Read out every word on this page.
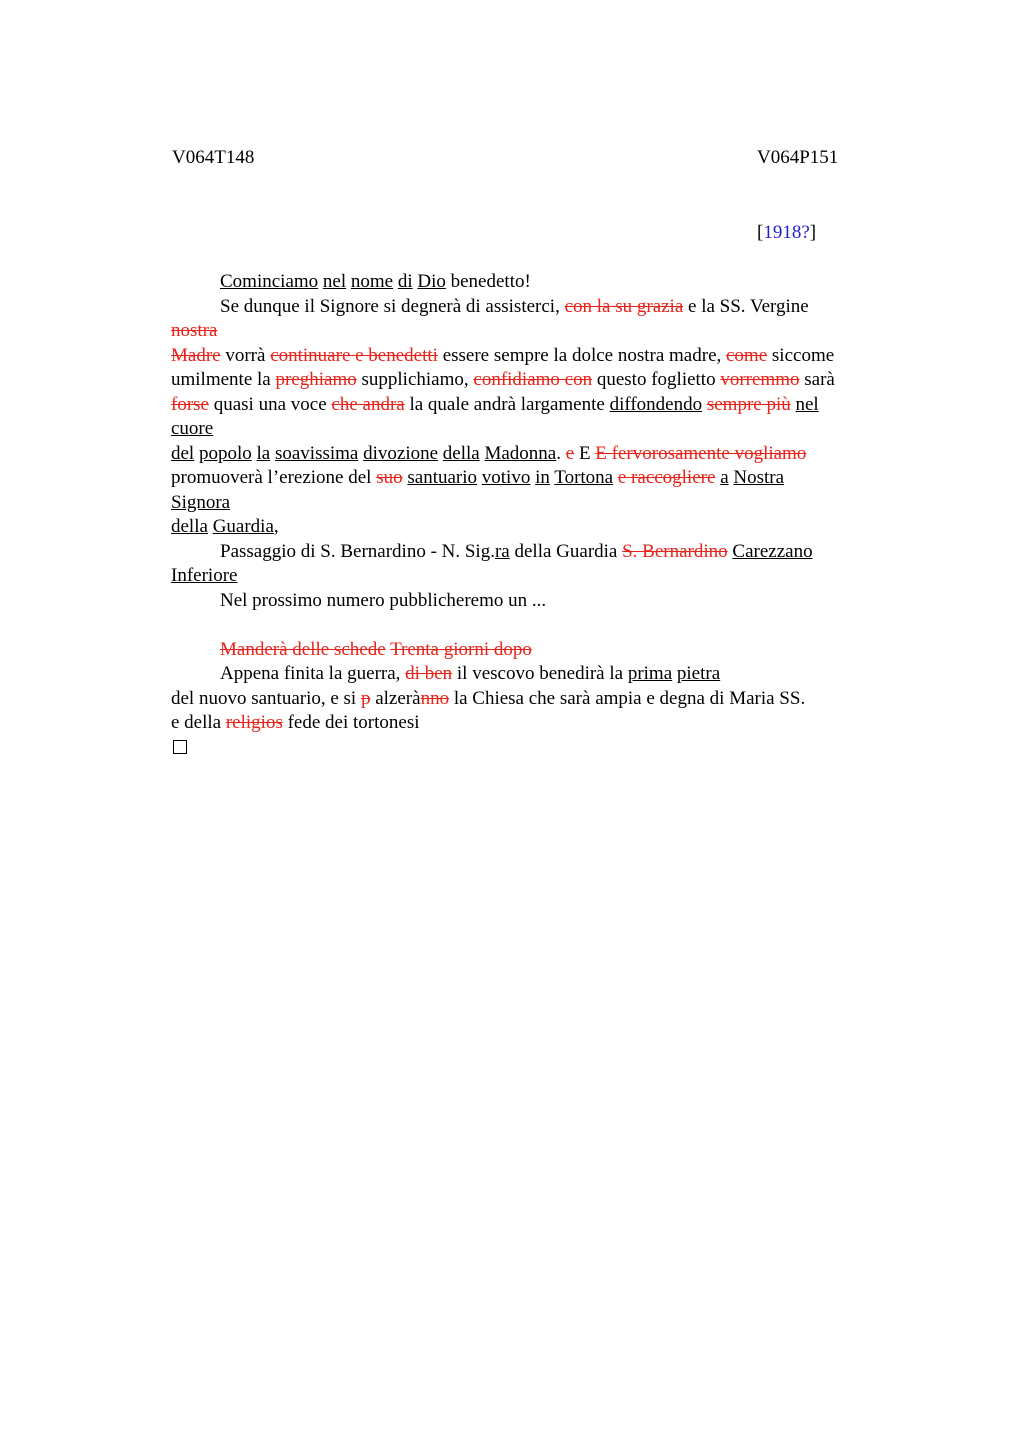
V064T148	V064P151
[1918?]
Cominciamo nel nome di Dio benedetto!
Se dunque il Signore si degnerà di assisterci, con la su grazia e la SS. Vergine
nostra
Madre vorrà continuare e benedetti essere sempre la dolce nostra madre, come siccome
umilmente la preghiamo supplichiamo, confidiamo con questo foglietto vorremmo sarà
forse quasi una voce che andra la quale andrà largamente diffondendo sempre più nel
cuore
del popolo la soavissima divozione della Madonna. e E E fervorosamente vogliamo
promuoverà l’erezione del suo santuario votivo in Tortona e raccogliere a Nostra
Signora
della Guardia,
Passaggio di S. Bernardino - N. Sig.ra della Guardia S. Bernardino Carezzano
Inferiore
Nel prossimo numero pubblicheremo un ...
Manderà delle schede Trenta giorni dopo
Appena finita la guerra, di ben il vescovo benedirà la prima pietra
del nuovo santuario, e si p alzerànno la Chiesa che sarà ampia e degna di Maria SS.
e della religios fede dei tortonesi
